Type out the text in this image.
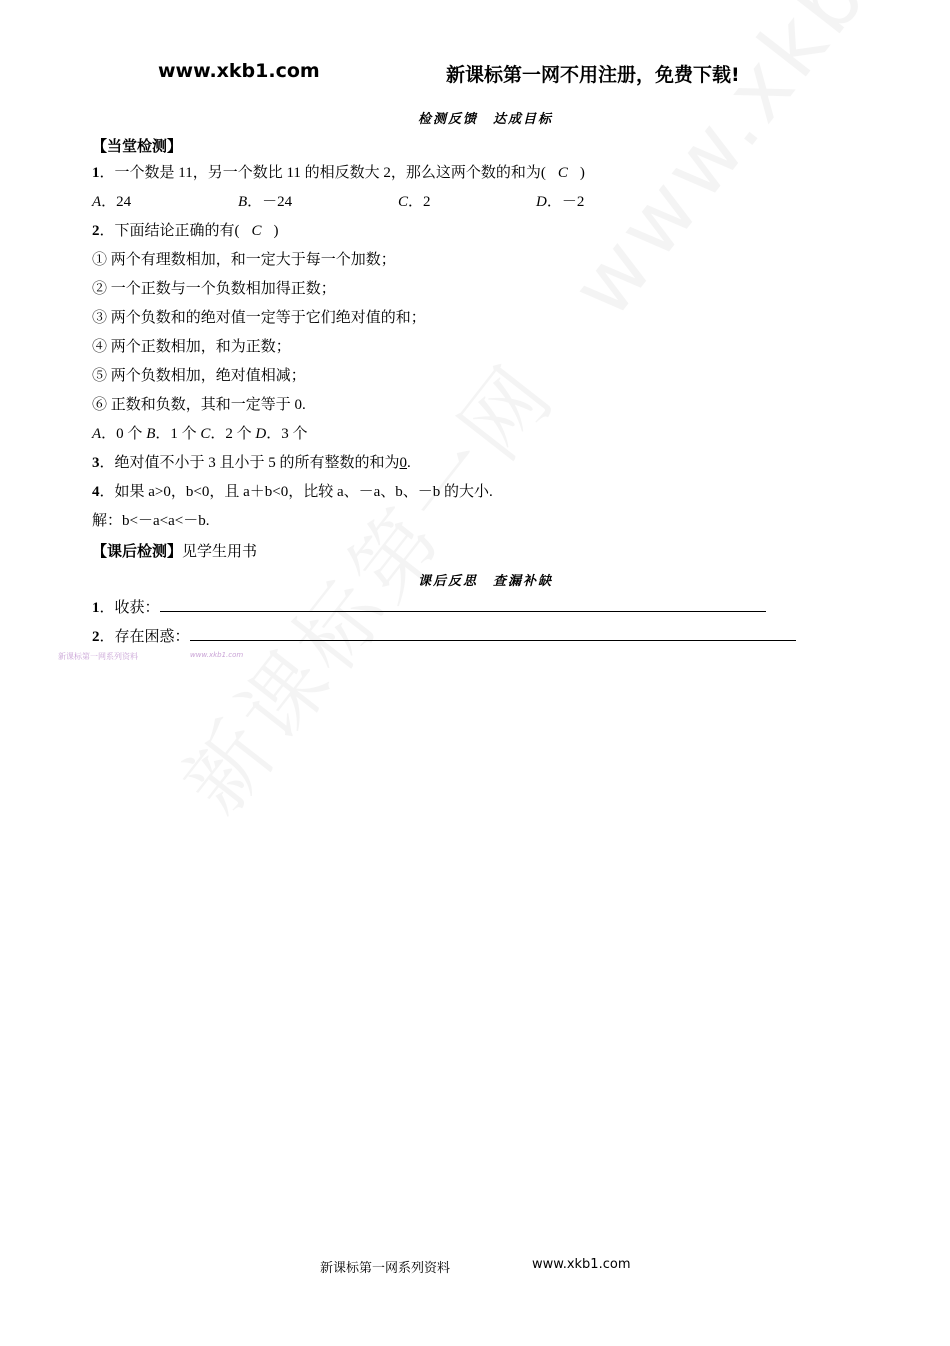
www.xkb1.com	新课标第一网不用注册，免费下载!
检测反馈　达成目标
【当堂检测】
1．一个数是 11，另一个数比 11 的相反数大 2，那么这两个数的和为( C )
A．24	B．－24	C．2	D．－2
2．下面结论正确的有( C )
① 两个有理数相加，和一定大于每一个加数；
② 一个正数与一个负数相加得正数；
③ 两个负数和的绝对值一定等于它们绝对值的和；
④ 两个正数相加，和为正数；
⑤ 两个负数相加，绝对值相减；
⑥ 正数和负数，其和一定等于 0.
A．0 个 B．1 个 C．2 个 D．3 个
3．绝对值不小于 3 且小于 5 的所有整数的和为0.
4．如果 a>0，b<0，且 a＋b<0，比较 a、－a、b、－b 的大小.
解：b<－a<a<－b.
【课后检测】见学生用书
课后反思　查漏补缺
1．收获：
2．存在困惑：
新课标第一网系列资料	www.xkb1.com
新课标第一网系列资料	www.xkb1.com
